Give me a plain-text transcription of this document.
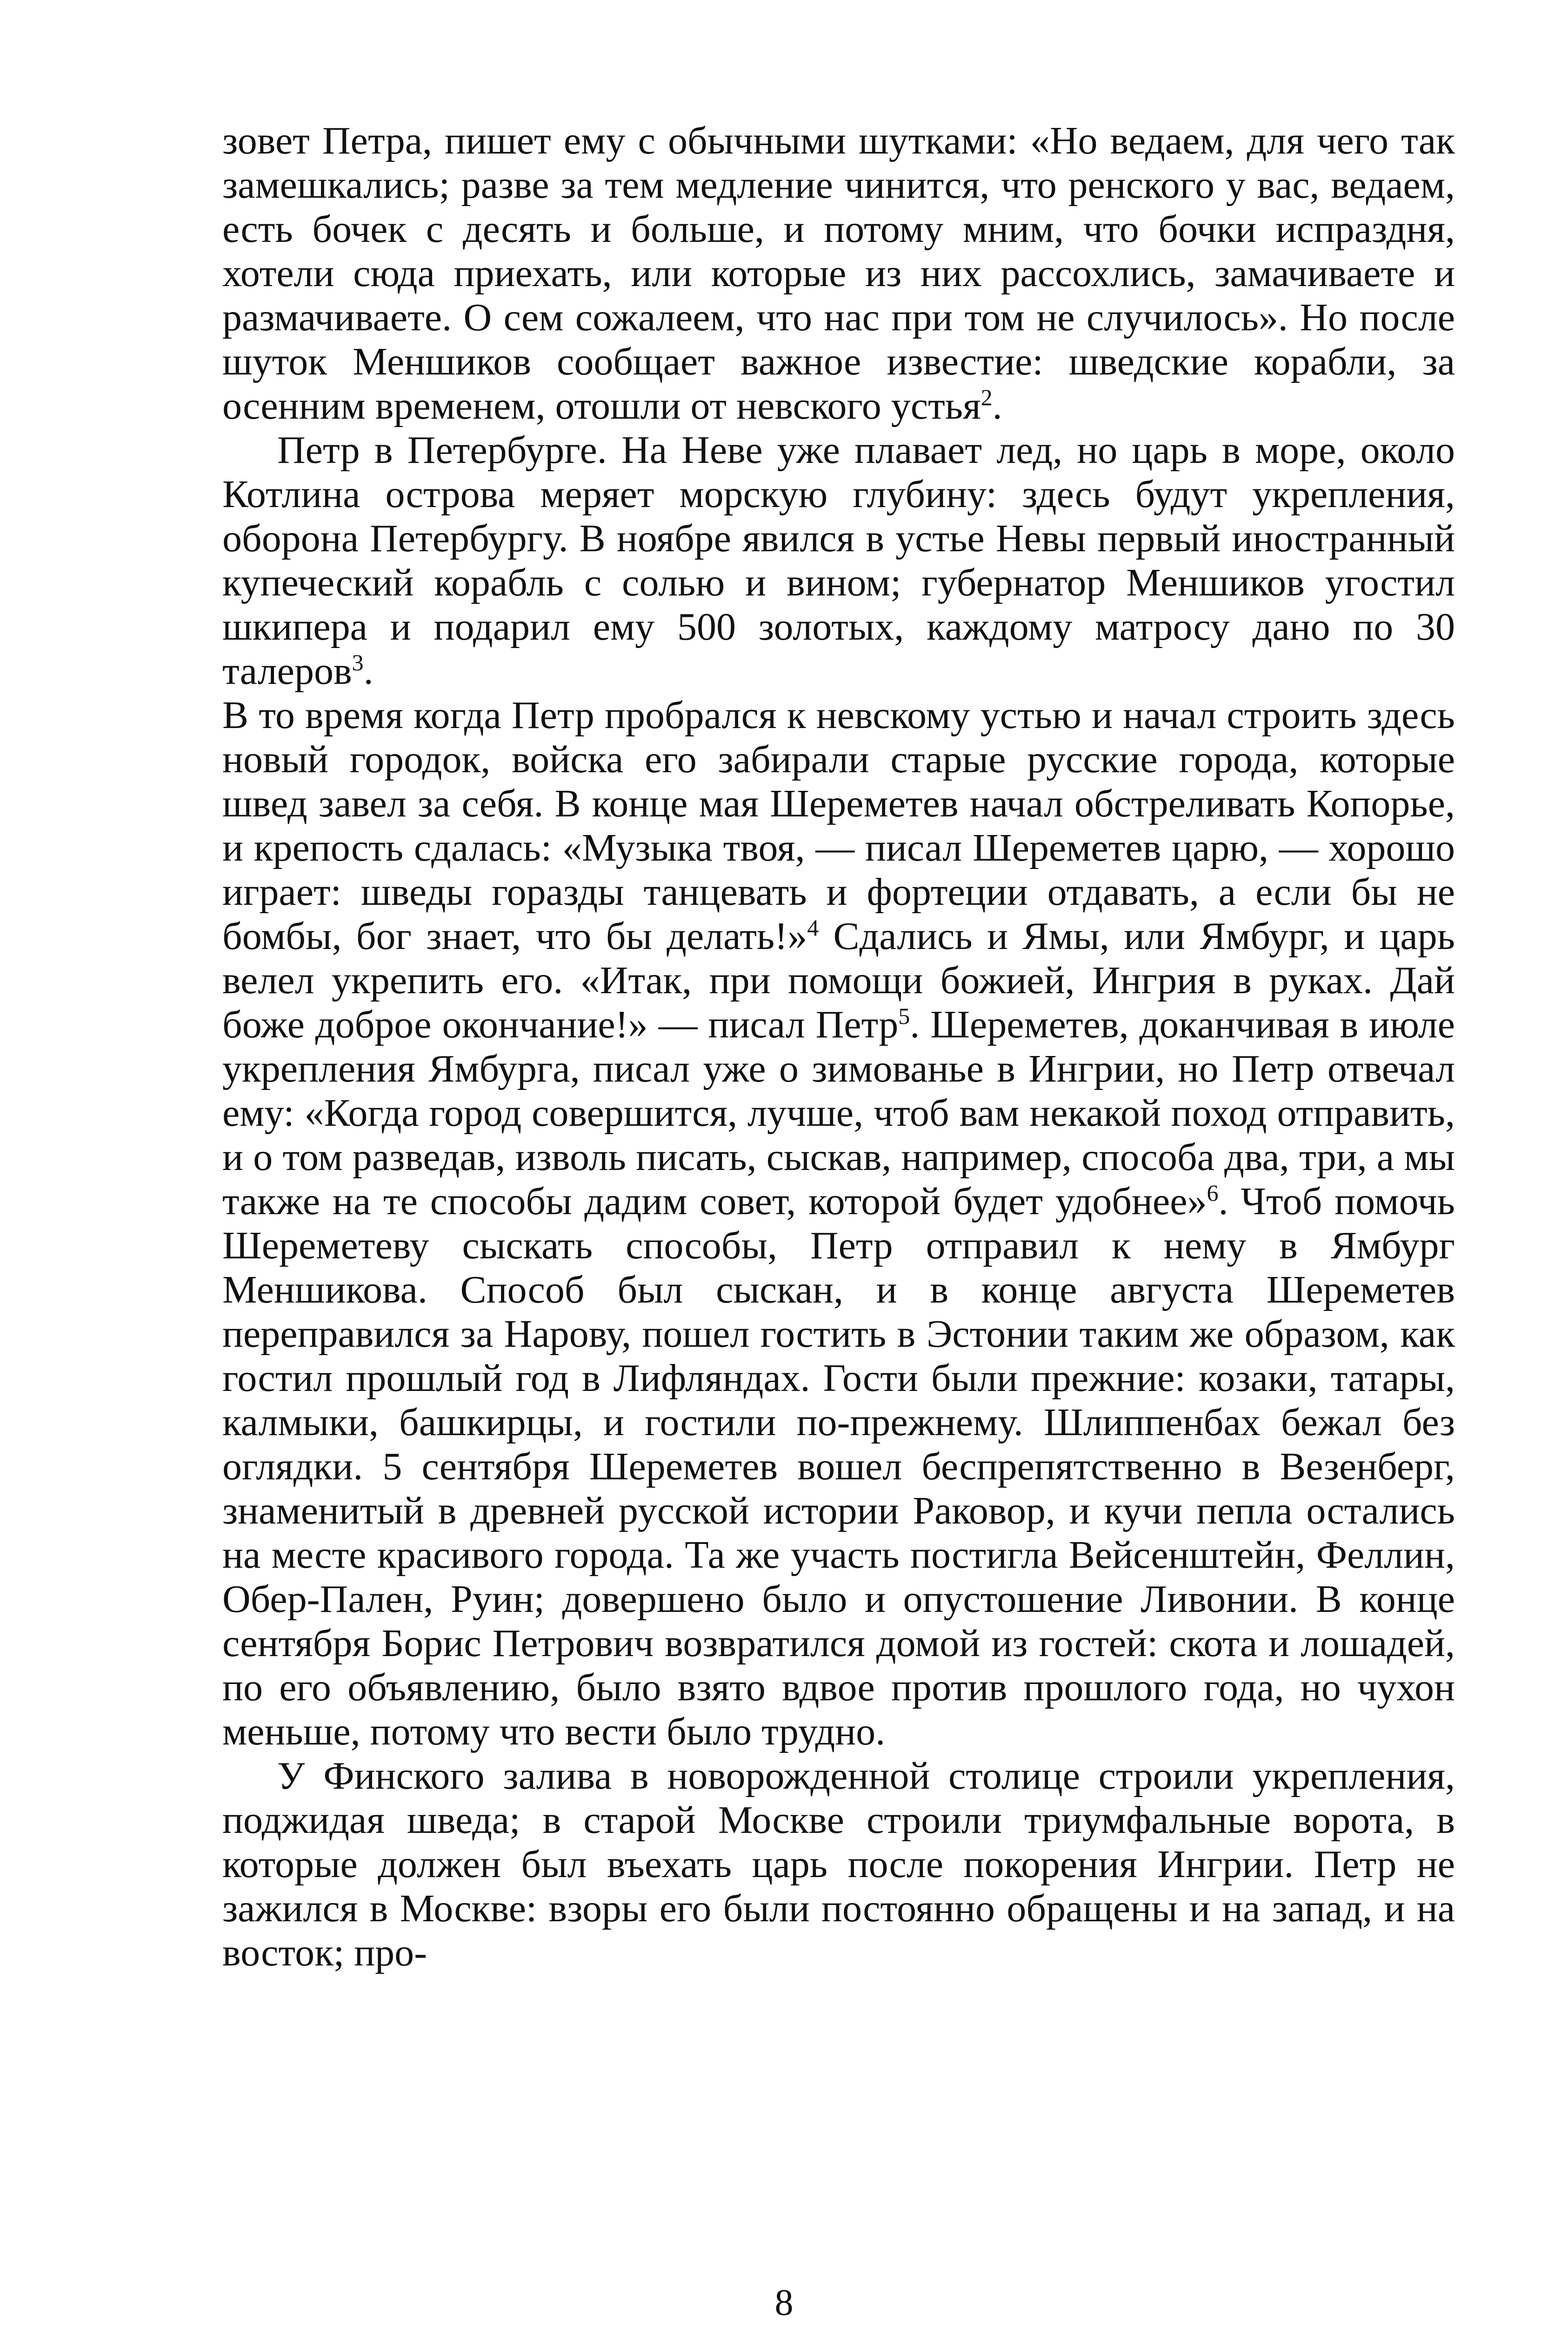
зовет Петра, пишет ему с обычными шутками: «Но ведаем, для чего так замешкались; разве за тем медление чинится, что ренского у вас, ведаем, есть бочек с десять и больше, и потому мним, что бочки испраздня, хотели сюда приехать, или которые из них рассохлись, замачиваете и размачиваете. О сем сожалеем, что нас при том не случилось». Но после шуток Меншиков сообщает важное известие: шведские корабли, за осенним временем, отошли от невского устья$^2$.

Петр в Петербурге. На Неве уже плавает лед, но царь в море, около Котлина острова меряет морскую глубину: здесь будут укрепления, оборона Петербургу. В ноябре явился в устье Невы первый иностранный купеческий корабль с солью и вином; губернатор Меншиков угостил шкипера и подарил ему 500 золотых, каждому матросу дано по 30 талеров$^3$.

В то время когда Петр пробрался к невскому устью и начал строить здесь новый городок, войска его забирали старые русские города, которые швед завел за себя. В конце мая Шереметев начал обстреливать Копорье, и крепость сдалась: «Музыка твоя, — писал Шереметев царю, — хорошо играет: шведы горазды танцевать и фортеции отдавать, а если бы не бомбы, бог знает, что бы делать!»$^4$ Сдались и Ямы, или Ямбург, и царь велел укрепить его. «Итак, при помощи божией, Ингрия в руках. Дай боже доброе окончание!» — писал Петр$^5$. Шереметев, доканчивая в июле укрепления Ямбурга, писал уже о зимованье в Ингрии, но Петр отвечал ему: «Когда город совершится, лучше, чтоб вам некакой поход отправить, и о том разведав, изволь писать, сыскав, например, способа два, три, а мы также на те способы дадим совет, которой будет удобнее»$^6$. Чтоб помочь Шереметеву сыскать способы, Петр отправил к нему в Ямбург Меншикова. Способ был сыскан, и в конце августа Шереметев переправился за Нарову, пошел гостить в Эстонии таким же образом, как гостил прошлый год в Лифляндах. Гости были прежние: козаки, татары, калмыки, башкирцы, и гостили по-прежнему. Шлиппенбах бежал без оглядки. 5 сентября Шереметев вошел беспрепятственно в Везенберг, знаменитый в древней русской истории Раковор, и кучи пепла остались на месте красивого города. Та же участь постигла Вейсенштейн, Феллин, Обер-Пален, Руин; довершено было и опустошение Ливонии. В конце сентября Борис Петрович возвратился домой из гостей: скота и лошадей, по его объявлению, было взято вдвое против прошлого года, но чухон меньше, потому что вести было трудно.

У Финского залива в новорожденной столице строили укрепления, поджидая шведа; в старой Москве строили триумфальные ворота, в которые должен был въехать царь после покорения Ингрии. Петр не зажился в Москве: взоры его были постоянно обращены и на запад, и на восток; про-

8
